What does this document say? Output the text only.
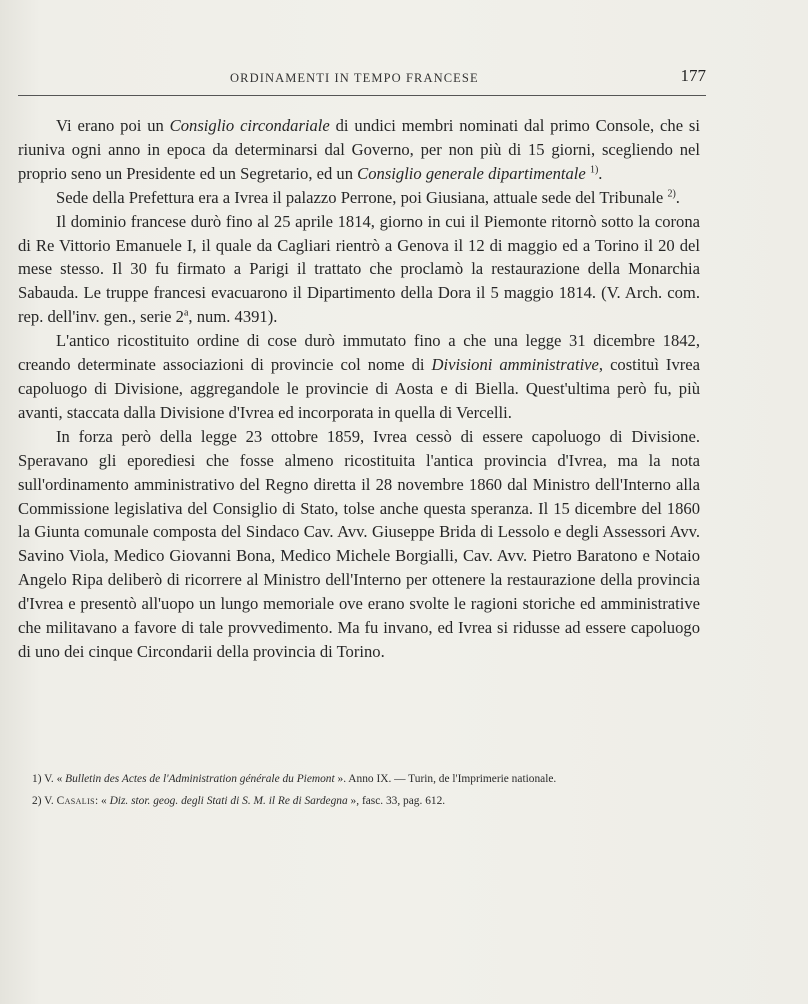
ORDINAMENTI IN TEMPO FRANCESE	177

Vi erano poi un Consiglio circondariale di undici membri nominati dal primo Console, che si riuniva ogni anno in epoca da determinarsi dal Governo, per non più di 15 giorni, scegliendo nel proprio seno un Presidente ed un Segretario, ed un Consiglio generale dipartimentale $^{1)}$.

Sede della Prefettura era a Ivrea il palazzo Perrone, poi Giusiana, attuale sede del Tribunale $^{2)}$.

Il dominio francese durò fino al 25 aprile 1814, giorno in cui il Piemonte ritornò sotto la corona di Re Vittorio Emanuele I, il quale da Cagliari rientrò a Genova il 12 di maggio ed a Torino il 20 del mese stesso. Il 30 fu firmato a Parigi il trattato che proclamò la restaurazione della Monarchia Sabauda. Le truppe francesi evacuarono il Dipartimento della Dora il 5 maggio 1814. (V. Arch. com. rep. dell'inv. gen., serie 2$^a$, num. 4391).

L'antico ricostituito ordine di cose durò immutato fino a che una legge 31 dicembre 1842, creando determinate associazioni di provincie col nome di Divisioni amministrative, costituì Ivrea capoluogo di Divisione, aggregandole le provincie di Aosta e di Biella. Quest'ultima però fu, più avanti, staccata dalla Divisione d'Ivrea ed incorporata in quella di Vercelli.

In forza però della legge 23 ottobre 1859, Ivrea cessò di essere capoluogo di Divisione. Speravano gli eporediesi che fosse almeno ricostituita l'antica provincia d'Ivrea, ma la nota sull'ordinamento amministrativo del Regno diretta il 28 novembre 1860 dal Ministro dell'Interno alla Commissione legislativa del Consiglio di Stato, tolse anche questa speranza. Il 15 dicembre del 1860 la Giunta comunale composta del Sindaco Cav. Avv. Giuseppe Brida di Lessolo e degli Assessori Avv. Savino Viola, Medico Giovanni Bona, Medico Michele Borgialli, Cav. Avv. Pietro Baratono e Notaio Angelo Ripa deliberò di ricorrere al Ministro dell'Interno per ottenere la restaurazione della provincia d'Ivrea e presentò all'uopo un lungo memoriale ove erano svolte le ragioni storiche ed amministrative che militavano a favore di tale provvedimento. Ma fu invano, ed Ivrea si ridusse ad essere capoluogo di uno dei cinque Circondarii della provincia di Torino.

1) V. « Bulletin des Actes de l'Administration générale du Piemont ». Anno IX. — Turin, de l'Imprimerie nationale.

2) V. Casalis: « Diz. stor. geog. degli Stati di S. M. il Re di Sardegna », fasc. 33, pag. 612.
